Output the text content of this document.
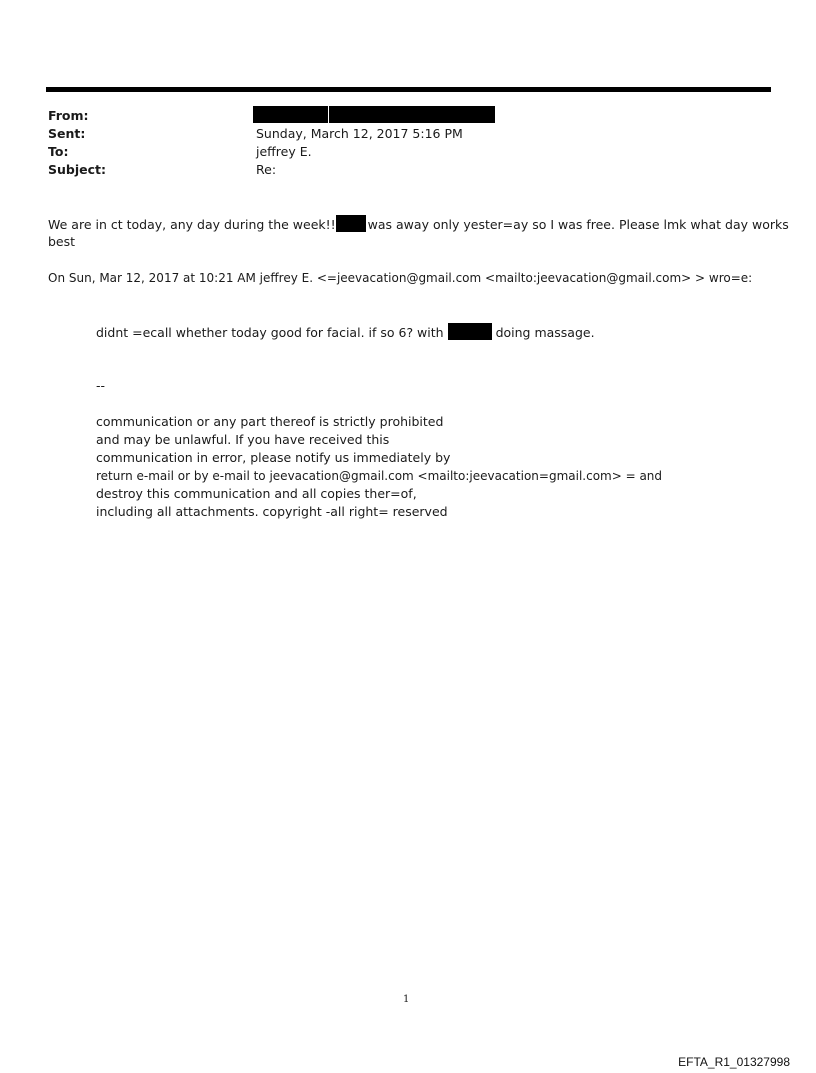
From:
Sent:	Sunday, March 12, 2017 5:16 PM
To:	jeffrey E.
Subject:	Re:
We are in ct today, any day during the week!!	was away only yester=ay so I was free. Please lmk what day works
best
On Sun, Mar 12, 2017 at 10:21 AM jeffrey E. <=jeevacation@gmail.com <mailto:jeevacation@gmail.com> > wro=e:
didnt =ecall whether today good for facial. if so 6? with	doing massage.
--
communication or any part thereof is strictly prohibited
and may be unlawful. If you have received this
communication in error, please notify us immediately by
return e-mail or by e-mail to jeevacation@gmail.com <mailto:jeevacation=gmail.com> = and
destroy this communication and all copies ther=of,
including all attachments. copyright -all right= reserved
1
EFTA_R1_01327998
